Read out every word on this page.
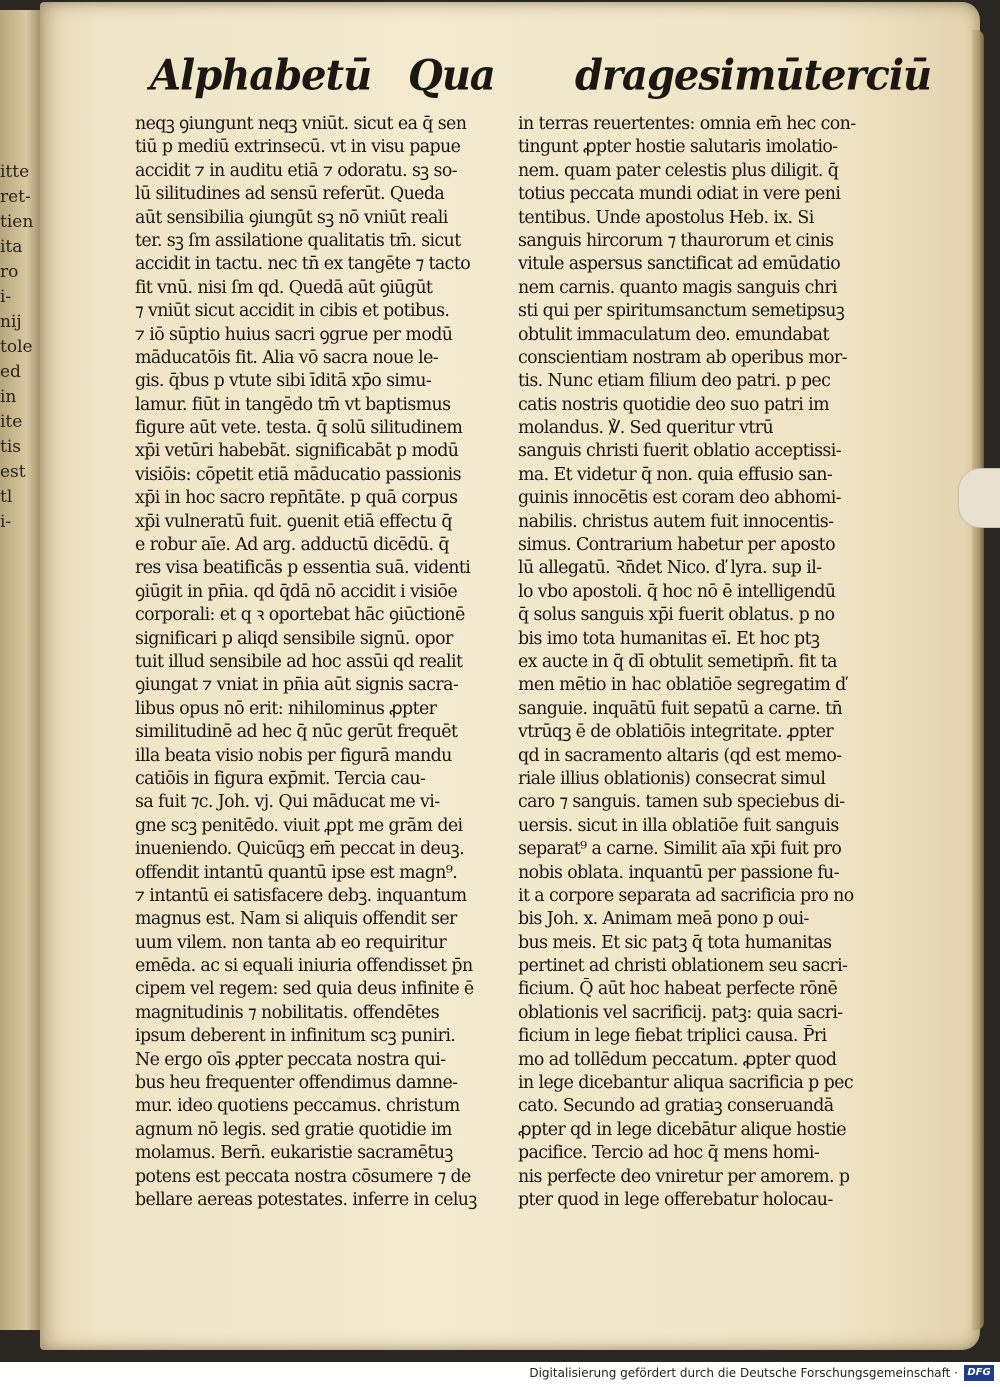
itte
ret-
tien
ita
ro
i-
nij
tole
ed
in
ite
tis
est
tl
i-
Alphabetū Qua dragesimūterciū
neqꝫ ꝯiungunt neqꝫ vniūt. sicut ea q̄ sen
tiū p mediū extrinsecū. vt in visu papue
accidit ⁊ in auditu etiā ⁊ odoratu. sꝫ so-
lū silitudines ad sensū referūt. Queda
aūt sensibilia ꝯiungūt sꝫ nō vniūt reali
ter. sꝫ ſm assilatione qualitatis tm̄. sicut
accidit in tactu. nec tn̄ ex tangēte ⁊ tacto
fit vnū. nisi ſm qd. Quedā aūt ꝯiūgūt
⁊ vniūt sicut accidit in cibis et potibus.
⁊ iō sūptio huius sacri ꝯgrue per modū
māducatōis fit. Alia vō sacra noue le-
gis. q̄bus p vtute sibi īditā xp̄o simu-
lamur. fiūt in tangēdo tm̄ vt baptismus
figure aūt vete. testa. q̄ solū silitudinem
xp̄i vetūri habebāt. significabāt p modū
visiōis: cōpetit etiā māducatio passionis
xp̄i in hoc sacro repn̄tāte. p quā corpus
xp̄i vulneratū fuit. ꝯuenit etiā effectu q̄
e robur aīe. Ad arg. adductū dicēdū. q̄
res visa beatificās p essentia suā. videnti
ꝯiūgit in pn̄ia. qd̄ q̄dā nō accidit i visiōe
corporali: et q ꝛ oportebat hāc ꝯiūctionē
significari p aliqd̄ sensibile signū. opor
tuit illud sensibile ad hoc assūi qd̄ realit
ꝯiungat ⁊ vniat in pn̄ia aūt signis sacra-
libus opus nō erit: nihilominus ꝓpter
similitudinē ad hec q̄ nūc gerūt frequēt
illa beata visio nobis per figurā mandu
catiōis in figura exp̄mit. Tercia cau-
sa fuit ⁊c. Joh. vj. Qui māducat me vi-
gne scꝫ penitēdo. viuit ꝓpt me grām dei
inueniendo. Quicūqꝫ em̄ peccat in deuꝫ.
offendit intantū quantū ipse est magn⁹.
⁊ intantū ei satisfacere debꝫ. inquantum
magnus est. Nam si aliquis offendit ser
uum vilem. non tanta ab eo requiritur
emēda. ac si equali iniuria offendisset p̄n
cipem vel regem: sed quia deus infinite ē
magnitudinis ⁊ nobilitatis. offendētes
ipsum deberent in infinitum scꝫ puniri.
Ne ergo oīs ꝓpter peccata nostra qui-
bus heu frequenter offendimus damne-
mur. ideo quotiens peccamus. christum
agnum nō legis. sed gratie quotidie im
molamus. Bern̄. eukaristie sacramētuꝫ
potens est peccata nostra cōsumere ⁊ de
bellare aereas potestates. inferre in celuꝫ
in terras reuertentes: omnia em̄ hec con-
tingunt ꝓpter hostie salutaris imolatio-
nem. quam pater celestis plus diligit. q̄
totius peccata mundi odiat in vere peni
tentibus. Unde apostolus Heb. ix. Si
sanguis hircorum ⁊ thaurorum et cinis
vitule aspersus sanctificat ad emūdatio
nem carnis. quanto magis sanguis chri
sti qui per spiritumsanctum semetipsuꝫ
obtulit immaculatum deo. emundabat
conscientiam nostram ab operibus mor-
tis. Nunc etiam filium deo patri. p pec
catis nostris quotidie deo suo patri im
molandus. ℣. Sed queritur vtrū
sanguis christi fuerit oblatio acceptissi-
ma. Et videtur q̄ non. quia effusio san-
guinis innocētis est coram deo abhomi-
nabilis. christus autem fuit innocentis-
simus. Contrarium habetur per aposto
lū allegatū. Ꝛn̄det Nico. ď lyra. sup il-
lo vbo apostoli. q̄ hoc nō ē intelligendū
q̄ solus sanguis xp̄i fuerit oblatus. p no
bis imo tota humanitas eī. Et hoc ptꝫ
ex aucte in q̄ dī obtulit semetipm̄. fit ta
men mētio in hac oblatiōe segregatim ď
sanguie. inquātū fuit sepatū a carne. tn̄
vtrūqꝫ ē de oblatiōis integritate. ꝓpter
qd̄ in sacramento altaris (qd̄ est memo-
riale illius oblationis) consecrat simul
caro ⁊ sanguis. tamen sub speciebus di-
uersis. sicut in illa oblatiōe fuit sanguis
separat⁹ a carne. Similit aīa xp̄i fuit pro
nobis oblata. inquantū per passione fu-
it a corpore separata ad sacrificia pro no
bis Joh. x. Animam meā pono p oui-
bus meis. Et sic patꝫ q̄ tota humanitas
pertinet ad christi oblationem seu sacri-
ficium. Q̄ aūt hoc habeat perfecte rōnē
oblationis vel sacrificij. patꝫ: quia sacri-
ficium in lege fiebat triplici causa. P̄ri
mo ad tollēdum peccatum. ꝓpter quod
in lege dicebantur aliqua sacrificia p pec
cato. Secundo ad gratiaꝫ conseruandā
ꝓpter qd̄ in lege dicebātur alique hostie
pacifice. Tercio ad hoc q̄ mens homi-
nis perfecte deo vniretur per amorem. p
pter quod in lege offerebatur holocau-
Digitalisierung gefördert durch die Deutsche Forschungsgemeinschaft · DFG
